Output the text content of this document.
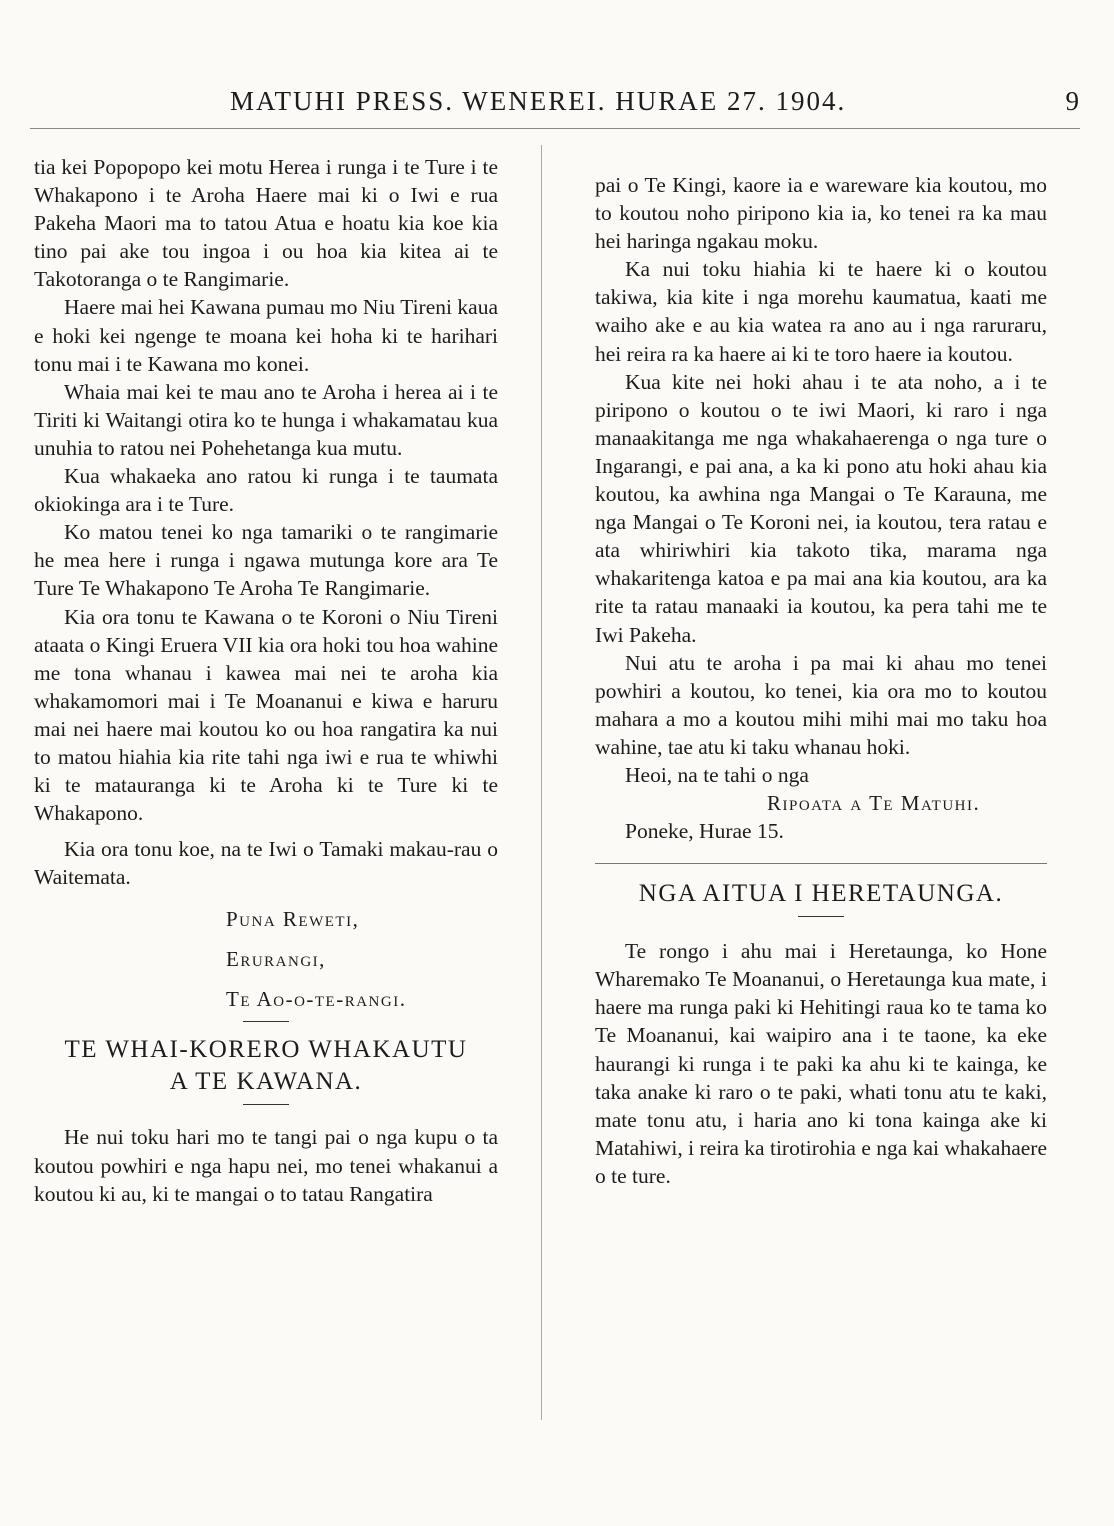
MATUHI PRESS. WENEREI. HURAE 27. 1904.	9

tia kei Popopopo kei motu Herea i runga i te Ture i te Whakapono i te Aroha Haere mai ki o Iwi e rua Pakeha Maori ma to tatou Atua e hoatu kia koe kia tino pai ake tou ingoa i ou hoa kia kitea ai te Takotoranga o te Rangimarie.

Haere mai hei Kawana pumau mo Niu Tireni kaua e hoki kei ngenge te moana kei hoha ki te harihari tonu mai i te Kawana mo konei.

Whaia mai kei te mau ano te Aroha i herea ai i te Tiriti ki Waitangi otira ko te hunga i whakamatau kua unuhia to ratou nei Pohehetanga kua mutu.

Kua whakaeka ano ratou ki runga i te taumata okiokinga ara i te Ture.

Ko matou tenei ko nga tamariki o te rangimarie he mea here i runga i ngawa mutunga kore ara Te Ture Te Whakapono Te Aroha Te Rangimarie.

Kia ora tonu te Kawana o te Koroni o Niu Tireni ataata o Kingi Eruera VII kia ora hoki tou hoa wahine me tona whanau i kawea mai nei te aroha kia whakamomori mai i Te Moananui e kiwa e haruru mai nei haere mai koutou ko ou hoa rangatira ka nui to matou hiahia kia rite tahi nga iwi e rua te whiwhi ki te matauranga ki te Aroha ki te Ture ki te Whakapono.

Kia ora tonu koe, na te Iwi o Tamaki makau-rau o Waitemata.

Puna Reweti,

Erurangi,

Te Ao-o-te-rangi.

TE WHAI-KORERO WHAKAUTU

A TE KAWANA.

He nui toku hari mo te tangi pai o nga kupu o ta koutou powhiri e nga hapu nei, mo tenei whakanui a koutou ki au, ki te mangai o to tatau Rangatira

pai o Te Kingi, kaore ia e wareware kia koutou, mo to koutou noho piripono kia ia, ko tenei ra ka mau hei haringa ngakau moku.

Ka nui toku hiahia ki te haere ki o koutou takiwa, kia kite i nga morehu kaumatua, kaati me waiho ake e au kia watea ra ano au i nga raruraru, hei reira ra ka haere ai ki te toro haere ia koutou.

Kua kite nei hoki ahau i te ata noho, a i te piripono o koutou o te iwi Maori, ki raro i nga manaakitanga me nga whakahaerenga o nga ture o Ingarangi, e pai ana, a ka ki pono atu hoki ahau kia koutou, ka awhina nga Mangai o Te Karauna, me nga Mangai o Te Koroni nei, ia koutou, tera ratau e ata whiriwhiri kia takoto tika, marama nga whakaritenga katoa e pa mai ana kia koutou, ara ka rite ta ratau manaaki ia koutou, ka pera tahi me te Iwi Pakeha.

Nui atu te aroha i pa mai ki ahau mo tenei powhiri a koutou, ko tenei, kia ora mo to koutou mahara a mo a koutou mihi mihi mai mo taku hoa wahine, tae atu ki taku whanau hoki.

Heoi, na te tahi o nga

Ripoata a Te Matuhi.

Poneke, Hurae 15.

NGA AITUA I HERETAUNGA.

Te rongo i ahu mai i Heretaunga, ko Hone Wharemako Te Moananui, o Heretaunga kua mate, i haere ma runga paki ki Hehitingi raua ko te tama ko Te Moananui, kai waipiro ana i te taone, ka eke haurangi ki runga i te paki ka ahu ki te kainga, ke taka anake ki raro o te paki, whati tonu atu te kaki, mate tonu atu, i haria ano ki tona kainga ake ki Matahiwi, i reira ka tirotirohia e nga kai whakahaere o te ture.
